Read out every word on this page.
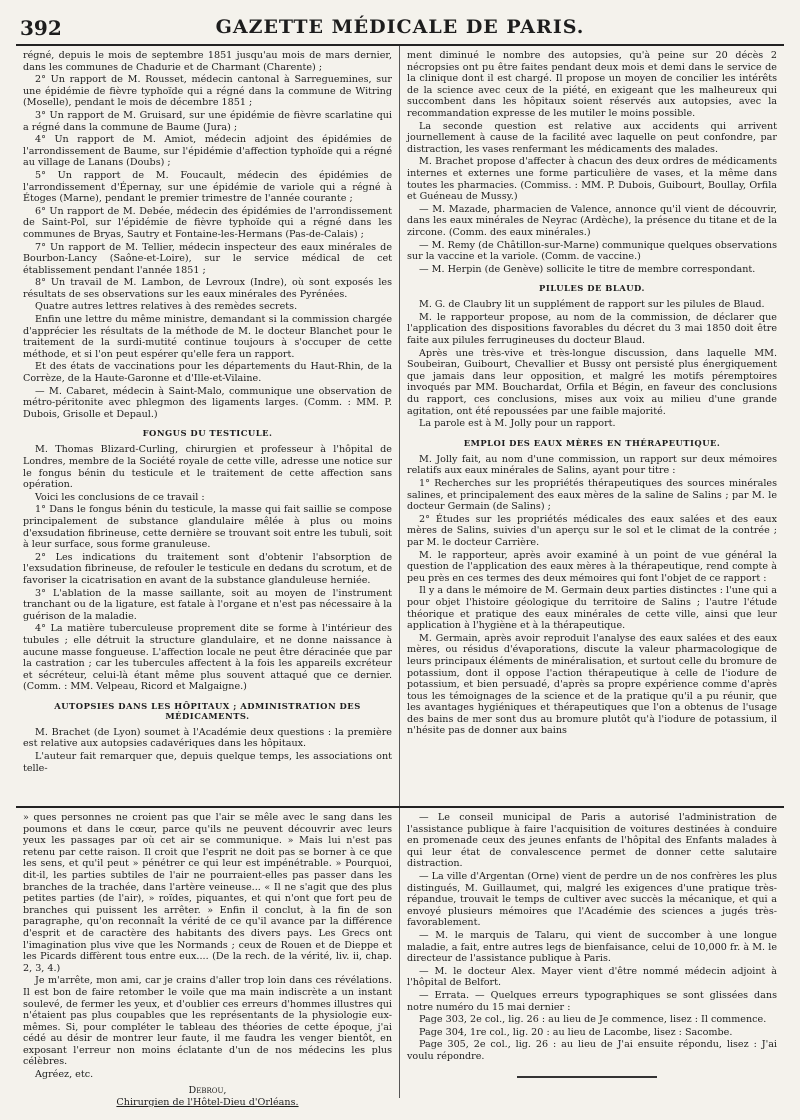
392	GAZETTE MÉDICALE DE PARIS.

régné, depuis le mois de septembre 1851 jusqu'au mois de mars dernier, dans les communes de Chadurie et de Charmant (Charente) ;

2° Un rapport de M. Rousset, médecin cantonal à Sarreguemines, sur une épidémie de fièvre typhoïde qui a régné dans la commune de Witring (Moselle), pendant le mois de décembre 1851 ;

3° Un rapport de M. Gruisard, sur une épidémie de fièvre scarlatine qui a régné dans la commune de Baume (Jura) ;

4° Un rapport de M. Amiot, médecin adjoint des épidémies de l'arrondissement de Baume, sur l'épidémie d'affection typhoïde qui a régné au village de Lanans (Doubs) ;

5° Un rapport de M. Foucault, médecin des épidémies de l'arrondissement d'Épernay, sur une épidémie de variole qui a régné à Étoges (Marne), pendant le premier trimestre de l'année courante ;

6° Un rapport de M. Debée, médecin des épidémies de l'arrondissement de Saint-Pol, sur l'épidémie de fièvre typhoïde qui a régné dans les communes de Bryas, Sautry et Fontaine-les-Hermans (Pas-de-Calais) ;

7° Un rapport de M. Tellier, médecin inspecteur des eaux minérales de Bourbon-Lancy (Saône-et-Loire), sur le service médical de cet établissement pendant l'année 1851 ;

8° Un travail de M. Lambon, de Levroux (Indre), où sont exposés les résultats de ses observations sur les eaux minérales des Pyrénées.

Quatre autres lettres relatives à des remèdes secrets.

Enfin une lettre du même ministre, demandant si la commission chargée d'apprécier les résultats de la méthode de M. le docteur Blanchet pour le traitement de la surdi-mutité continue toujours à s'occuper de cette méthode, et si l'on peut espérer qu'elle fera un rapport.

Et des états de vaccinations pour les départements du Haut-Rhin, de la Corrèze, de la Haute-Garonne et d'Ille-et-Vilaine.

— M. Cabaret, médecin à Saint-Malo, communique une observation de métro-péritonite avec phlegmon des ligaments larges. (Comm. : MM. P. Dubois, Grisolle et Depaul.)

FONGUS DU TESTICULE.

M. Thomas Blizard-Curling, chirurgien et professeur à l'hôpital de Londres, membre de la Société royale de cette ville, adresse une notice sur le fongus bénin du testicule et le traitement de cette affection sans opération.

Voici les conclusions de ce travail :

1° Dans le fongus bénin du testicule, la masse qui fait saillie se compose principalement de substance glandulaire mêlée à plus ou moins d'exsudation fibrineuse, cette dernière se trouvant soit entre les tubuli, soit à leur surface, sous forme granuleuse.

2° Les indications du traitement sont d'obtenir l'absorption de l'exsudation fibrineuse, de refouler le testicule en dedans du scrotum, et de favoriser la cicatrisation en avant de la substance glanduleuse herniée.

3° L'ablation de la masse saillante, soit au moyen de l'instrument tranchant ou de la ligature, est fatale à l'organe et n'est pas nécessaire à la guérison de la maladie.

4° La matière tuberculeuse proprement dite se forme à l'intérieur des tubules ; elle détruit la structure glandulaire, et ne donne naissance à aucune masse fongueuse. L'affection locale ne peut être déracinée que par la castration ; car les tubercules affectent à la fois les appareils excréteur et sécréteur, celui-là étant même plus souvent attaqué que ce dernier. (Comm. : MM. Velpeau, Ricord et Malgaigne.)

AUTOPSIES DANS LES HÔPITAUX ; ADMINISTRATION DES MÉDICAMENTS.

M. Brachet (de Lyon) soumet à l'Académie deux questions : la première est relative aux autopsies cadavériques dans les hôpitaux.

L'auteur fait remarquer que, depuis quelque temps, les associations ont telle-

ment diminué le nombre des autopsies, qu'à peine sur 20 décès 2 nécropsies ont pu être faites pendant deux mois et demi dans le service de la clinique dont il est chargé. Il propose un moyen de concilier les intérêts de la science avec ceux de la piété, en exigeant que les malheureux qui succombent dans les hôpitaux soient réservés aux autopsies, avec la recommandation expresse de les mutiler le moins possible.

La seconde question est relative aux accidents qui arrivent journellement à cause de la facilité avec laquelle on peut confondre, par distraction, les vases renfermant les médicaments des malades.

M. Brachet propose d'affecter à chacun des deux ordres de médicaments internes et externes une forme particulière de vases, et la même dans toutes les pharmacies. (Commiss. : MM. P. Dubois, Guibourt, Boullay, Orfila et Guéneau de Mussy.)

— M. Mazade, pharmacien de Valence, annonce qu'il vient de découvrir, dans les eaux minérales de Neyrac (Ardèche), la présence du titane et de la zircone. (Comm. des eaux minérales.)

— M. Remy (de Châtillon-sur-Marne) communique quelques observations sur la vaccine et la variole. (Comm. de vaccine.)

— M. Herpin (de Genève) sollicite le titre de membre correspondant.

PILULES DE BLAUD.

M. G. de Claubry lit un supplément de rapport sur les pilules de Blaud.

M. le rapporteur propose, au nom de la commission, de déclarer que l'application des dispositions favorables du décret du 3 mai 1850 doit être faite aux pilules ferrugineuses du docteur Blaud.

Après une très-vive et très-longue discussion, dans laquelle MM. Soubeiran, Guibourt, Chevallier et Bussy ont persisté plus énergiquement que jamais dans leur opposition, et malgré les motifs péremptoires invoqués par MM. Bouchardat, Orfila et Bégin, en faveur des conclusions du rapport, ces conclusions, mises aux voix au milieu d'une grande agitation, ont été repoussées par une faible majorité.

La parole est à M. Jolly pour un rapport.

EMPLOI DES EAUX MÈRES EN THÉRAPEUTIQUE.

M. Jolly fait, au nom d'une commission, un rapport sur deux mémoires relatifs aux eaux minérales de Salins, ayant pour titre :

1° Recherches sur les propriétés thérapeutiques des sources minérales salines, et principalement des eaux mères de la saline de Salins ; par M. le docteur Germain (de Salins) ;

2° Études sur les propriétés médicales des eaux salées et des eaux mères de Salins, suivies d'un aperçu sur le sol et le climat de la contrée ; par M. le docteur Carrière.

M. le rapporteur, après avoir examiné à un point de vue général la question de l'application des eaux mères à la thérapeutique, rend compte à peu près en ces termes des deux mémoires qui font l'objet de ce rapport :

Il y a dans le mémoire de M. Germain deux parties distinctes : l'une qui a pour objet l'histoire géologique du territoire de Salins ; l'autre l'étude théorique et pratique des eaux minérales de cette ville, ainsi que leur application à l'hygiène et à la thérapeutique.

M. Germain, après avoir reproduit l'analyse des eaux salées et des eaux mères, ou résidus d'évaporations, discute la valeur pharmacologique de leurs principaux éléments de minéralisation, et surtout celle du bromure de potassium, dont il oppose l'action thérapeutique à celle de l'iodure de potassium, et bien persuadé, d'après sa propre expérience comme d'après tous les témoignages de la science et de la pratique qu'il a pu réunir, que les avantages hygiéniques et thérapeutiques que l'on a obtenus de l'usage des bains de mer sont dus au bromure plutôt qu'à l'iodure de potassium, il n'hésite pas de donner aux bains

» ques personnes ne croient pas que l'air se mêle avec le sang dans les poumons et dans le cœur, parce qu'ils ne peuvent découvrir avec leurs yeux les passages par où cet air se communique. » Mais lui n'est pas retenu par cette raison. Il croit que l'esprit ne doit pas se borner à ce que les sens, et qu'il peut » pénétrer ce qui leur est impénétrable. » Pourquoi, dit-il, les parties subtiles de l'air ne pourraient-elles pas passer dans les branches de la trachée, dans l'artère veineuse... « Il ne s'agit que des plus petites parties (de l'air), » roïdes, piquantes, et qui n'ont que fort peu de branches qui puissent les arrêter. » Enfin il conclut, à la fin de son paragraphe, qu'on reconnaît la vérité de ce qu'il avance par la différence d'esprit et de caractère des habitants des divers pays. Les Grecs ont l'imagination plus vive que les Normands ; ceux de Rouen et de Dieppe et les Picards diffèrent tous entre eux.... (De la rech. de la vérité, liv. ii, chap. 2, 3, 4.)

Je m'arrête, mon ami, car je crains d'aller trop loin dans ces révélations. Il est bon de faire retomber le voile que ma main indiscrète a un instant soulevé, de fermer les yeux, et d'oublier ces erreurs d'hommes illustres qui n'étaient pas plus coupables que les représentants de la physiologie eux-mêmes. Si, pour compléter le tableau des théories de cette époque, j'ai cédé au désir de montrer leur faute, il me faudra les venger bientôt, en exposant l'erreur non moins éclatante d'un de nos médecins les plus célèbres.

Agréez, etc.

Debrou,
Chirurgien de l'Hôtel-Dieu d'Orléans.

— Le conseil municipal de Paris a autorisé l'administration de l'assistance publique à faire l'acquisition de voitures destinées à conduire en promenade ceux des jeunes enfants de l'hôpital des Enfants malades à qui leur état de convalescence permet de donner cette salutaire distraction.

— La ville d'Argentan (Orne) vient de perdre un de nos confrères les plus distingués, M. Guillaumet, qui, malgré les exigences d'une pratique très-répandue, trouvait le temps de cultiver avec succès la mécanique, et qui a envoyé plusieurs mémoires que l'Académie des sciences a jugés très-favorablement.

— M. le marquis de Talaru, qui vient de succomber à une longue maladie, a fait, entre autres legs de bienfaisance, celui de 10,000 fr. à M. le directeur de l'assistance publique à Paris.

— M. le docteur Alex. Mayer vient d'être nommé médecin adjoint à l'hôpital de Belfort.

— Errata. — Quelques erreurs typographiques se sont glissées dans notre numéro du 15 mai dernier :

Page 303, 2e col., lig. 26 : au lieu de Je commence, lisez : Il commence.

Page 304, 1re col., lig. 20 : au lieu de Lacombe, lisez : Sacombe.

Page 305, 2e col., lig. 26 : au lieu de J'ai ensuite répondu, lisez : J'ai voulu répondre.
